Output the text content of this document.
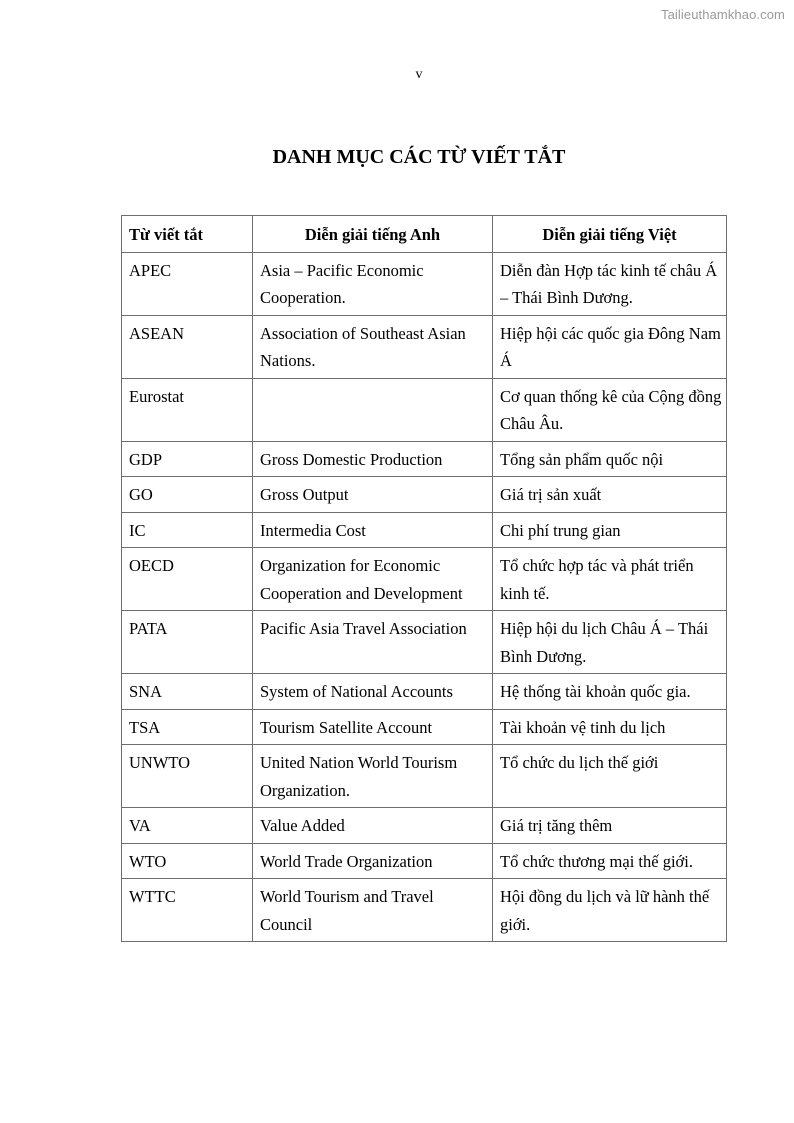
Tailieuthamkhao.com
v
DANH MỤC CÁC TỪ VIẾT TẮT
Từ viết tắt	Diễn giải tiếng Anh	Diễn giải tiếng Việt
APEC	Asia – Pacific Economic Cooperation.	Diễn đàn Hợp tác kinh tế châu Á – Thái Bình Dương.
ASEAN	Association of Southeast Asian Nations.	Hiệp hội các quốc gia Đông Nam Á
Eurostat		Cơ quan thống kê của Cộng đồng Châu Âu.
GDP	Gross Domestic Production	Tổng sản phẩm quốc nội
GO	Gross Output	Giá trị sản xuất
IC	Intermedia Cost	Chi phí trung gian
OECD	Organization for Economic Cooperation and Development	Tổ chức hợp tác và phát triển kinh tế.
PATA	Pacific Asia Travel Association	Hiệp hội du lịch Châu Á – Thái Bình Dương.
SNA	System of National Accounts	Hệ thống tài khoản quốc gia.
TSA	Tourism Satellite Account	Tài khoản vệ tinh du lịch
UNWTO	United Nation World Tourism Organization.	Tổ chức du lịch thế giới
VA	Value Added	Giá trị tăng thêm
WTO	World Trade Organization	Tổ chức thương mại thế giới.
WTTC	World Tourism and Travel Council	Hội đồng du lịch và lữ hành thế giới.
